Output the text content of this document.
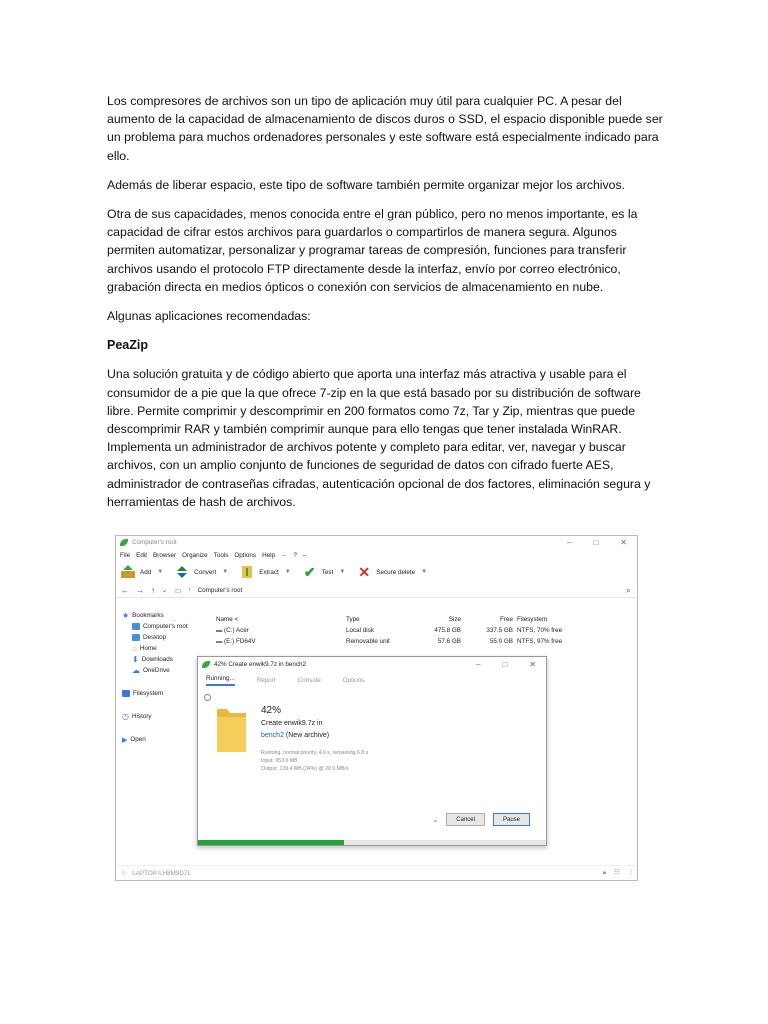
Los compresores de archivos son un tipo de aplicación muy útil para cualquier PC. A pesar del aumento de la capacidad de almacenamiento de discos duros o SSD, el espacio disponible puede ser un problema para muchos ordenadores personales y este software está especialmente indicado para ello.

Además de liberar espacio, este tipo de software también permite organizar mejor los archivos.

Otra de sus capacidades, menos conocida entre el gran público, pero no menos importante, es la capacidad de cifrar estos archivos para guardarlos o compartirlos de manera segura. Algunos permiten automatizar, personalizar y programar tareas de compresión, funciones para transferir archivos usando el protocolo FTP directamente desde la interfaz, envío por correo electrónico, grabación directa en medios ópticos o conexión con servicios de almacenamiento en nube.

Algunas aplicaciones recomendadas:

PeaZip

Una solución gratuita y de código abierto que aporta una interfaz más atractiva y usable para el consumidor de a pie que la que ofrece 7-zip en la que está basado por su distribución de software libre. Permite comprimir y descomprimir en 200 formatos como 7z, Tar y Zip, mientras que puede descomprimir RAR y también comprimir aunque para ello tengas que tener instalada WinRAR. Implementa un administrador de archivos potente y completo para editar, ver, navegar y buscar archivos, con un amplio conjunto de funciones de seguridad de datos con cifrado fuerte AES, administrador de contraseñas cifradas, autenticación opcional de dos factores, eliminación segura y herramientas de hash de archivos.

Computer's root	–	□	✕
File Edit Browser Organize Tools Options Help ← ? –
Add ▼	Convert ▼	Extract ▼ ✔ Test ▼ ✕ Secure delete ▼
← → ↑ ⌄ ▭ › Computer's root	⌕
★ Bookmarks
Computer's root
Desktop
⌂ Home
⬇ Downloads
☁ OneDrive
Filesystem
◷ History
▶ Open
...	Name <	Type	Size	Free Filesystem
▬ (C:) Acer	Local disk	475.8 GB	337.5 GB NTFS, 70% free
▬ (E:) FD64V	Removable unit	57.6 GB	55.0 GB NTFS, 97% free
⊹ LAPTOP-LH8M9D7L	🔒︎ ☷ ⋮
42% Create enwik9.7z in bench2	–	□	✕
Running...	Report	Console	Options
42%
Create enwik9.7z in
bench2 (New archive)
Running, normal priority, 4.0 s, remaining 6.8 s
Input: 953.6 MB
Output: 139.4 MB (34%) @ 20.9 MB/s
⌄	Cancel	Pause
